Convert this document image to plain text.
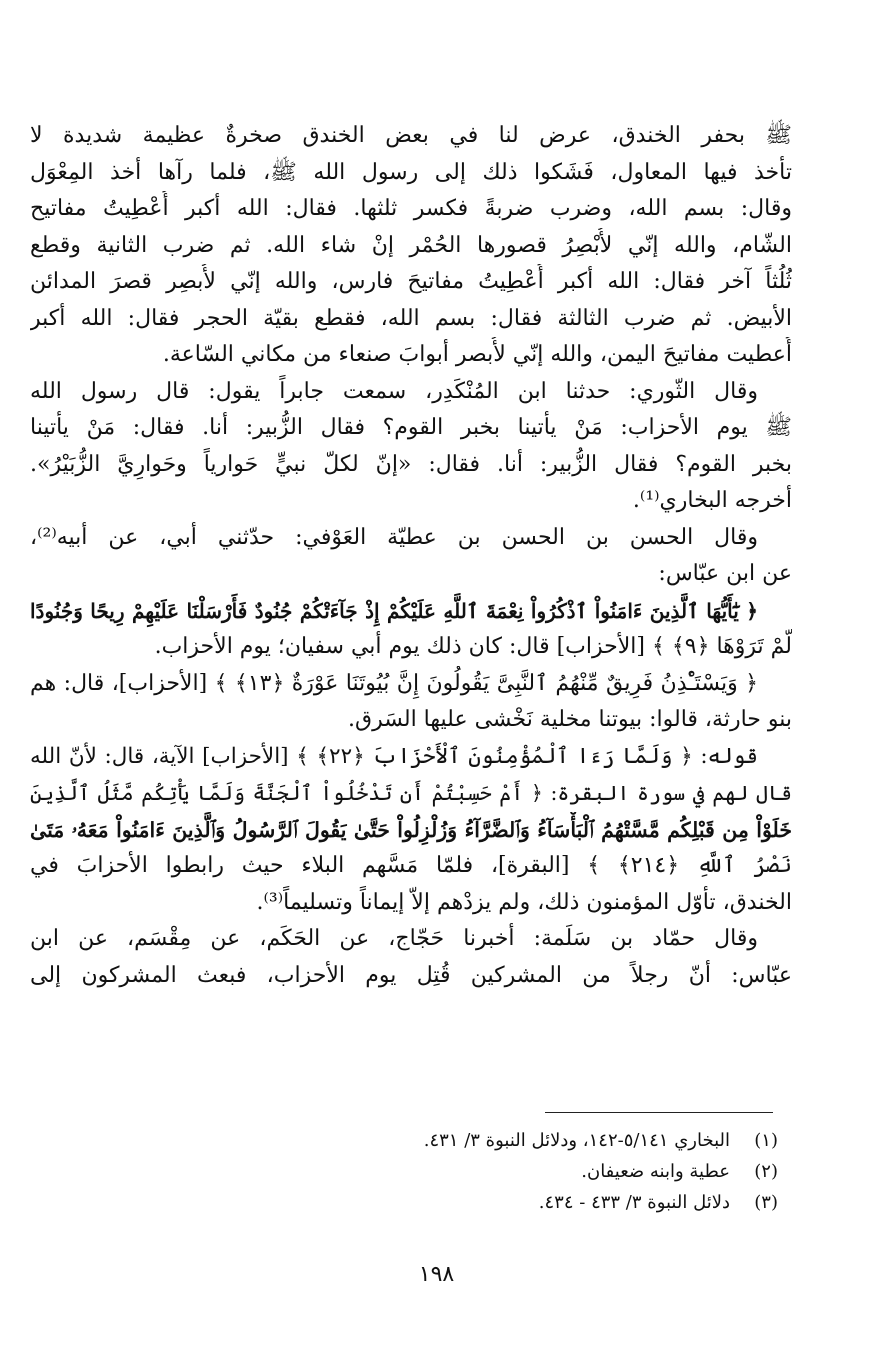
ﷺ بحفر الخندق، عرض لنا في بعض الخندق صخرةٌ عظيمة شديدة لا
تأخذ فيها المعاول، فَشَكوا ذلك إلى رسول الله ﷺ، فلما رآها أخذ المِعْوَل
وقال: بسم الله، وضرب ضربةً فكسر ثلثها. فقال: الله أكبر أُعْطِيتُ مفاتيح
الشّام، والله إنّي لأُبْصِرُ قصورها الحُمْر إنْ شاء الله. ثم ضرب الثانية وقطع
ثُلُثاً آخر فقال: الله أكبر أُعْطِيتُ مفاتيحَ فارس، والله إنّي لأُبصِر قصرَ المدائن
الأبيض. ثم ضرب الثالثة فقال: بسم الله، فقطع بقيّة الحجر فقال: الله أكبر
أُعطيت مفاتيحَ اليمن، والله إنّي لأُبصر أبوابَ صنعاء من مكاني السّاعة.
وقال الثّوري: حدثنا ابن المُنْكَدِر، سمعت جابراً يقول: قال رسول الله
ﷺ يوم الأحزاب: مَنْ يأتينا بخبر القوم؟ فقال الزُّبير: أنا. فقال: مَنْ يأتينا
بخبر القوم؟ فقال الزُّبير: أنا. فقال: «إنّ لكلّ نبيٍّ حَوارياً وحَوارِيَّ الزُّبَيْرُ».
أخرجه البخاري⁽¹⁾.
وقال الحسن بن الحسن بن عطيّة العَوْفي: حدّثني أبي، عن أبيه⁽²⁾،
عن ابن عبّاس:
﴿ يَٰٓأَيُّهَا ٱلَّذِينَ ءَامَنُواْ ٱذْكُرُواْ نِعْمَةَ ٱللَّهِ عَلَيْكُمْ إِذْ جَآءَتْكُمْ جُنُودٌ فَأَرْسَلْنَا عَلَيْهِمْ رِيحًا وَجُنُودًا
لَّمْ تَرَوْهَا ﴿٩﴾ ﴾ [الأحزاب] قال: كان ذلك يوم أبي سفيان؛ يوم الأحزاب.
﴿ وَيَسْتَـْٔذِنُ فَرِيقٌ مِّنْهُمُ ٱلنَّبِىَّ يَقُولُونَ إِنَّ بُيُوتَنَا عَوْرَةٌ ﴿١٣﴾ ﴾ [الأحزاب]، قال: هم
بنو حارثة، قالوا: بيوتنا مخلية نَخْشى عليها السَرق.
قوله: ﴿ وَلَمَّا رَءَا ٱلْمُؤْمِنُونَ ٱلْأَحْزَابَ ﴿٢٢﴾ ﴾ [الأحزاب] الآية، قال: لأنّ الله
قال لهم في سورة البقرة: ﴿ أَمْ حَسِبْتُمْ أَن تَدْخُلُواْ ٱلْجَنَّةَ وَلَمَّا يَأْتِكُم مَّثَلُ ٱلَّذِينَ
خَلَوْاْ مِن قَبْلِكُم مَّسَّتْهُمُ ٱلْبَأْسَآءُ وَٱلضَّرَّآءُ وَزُلْزِلُواْ حَتَّىٰ يَقُولَ ٱلرَّسُولُ وَٱلَّذِينَ ءَامَنُواْ مَعَهُۥ مَتَىٰ
نَصْرُ ٱللَّهِ ﴿٢١٤﴾ ﴾ [البقرة]، فلمّا مَسَّهم البلاء حيث رابطوا الأحزابَ في
الخندق، تأوّل المؤمنون ذلك، ولم يزدْهم إلاّ إيماناً وتسليماً⁽³⁾.
وقال حمّاد بن سَلَمة: أخبرنا حَجّاج، عن الحَكَم، عن مِقْسَم، عن ابن
عبّاس: أنّ رجلاً من المشركين قُتِل يوم الأحزاب، فبعث المشركون إلى
(١)البخاري ٥/١٤١-١٤٢، ودلائل النبوة ٣/ ٤٣١.
(٢)عطية وابنه ضعيفان.
(٣)دلائل النبوة ٣/ ٤٣٣ - ٤٣٤.
١٩٨
